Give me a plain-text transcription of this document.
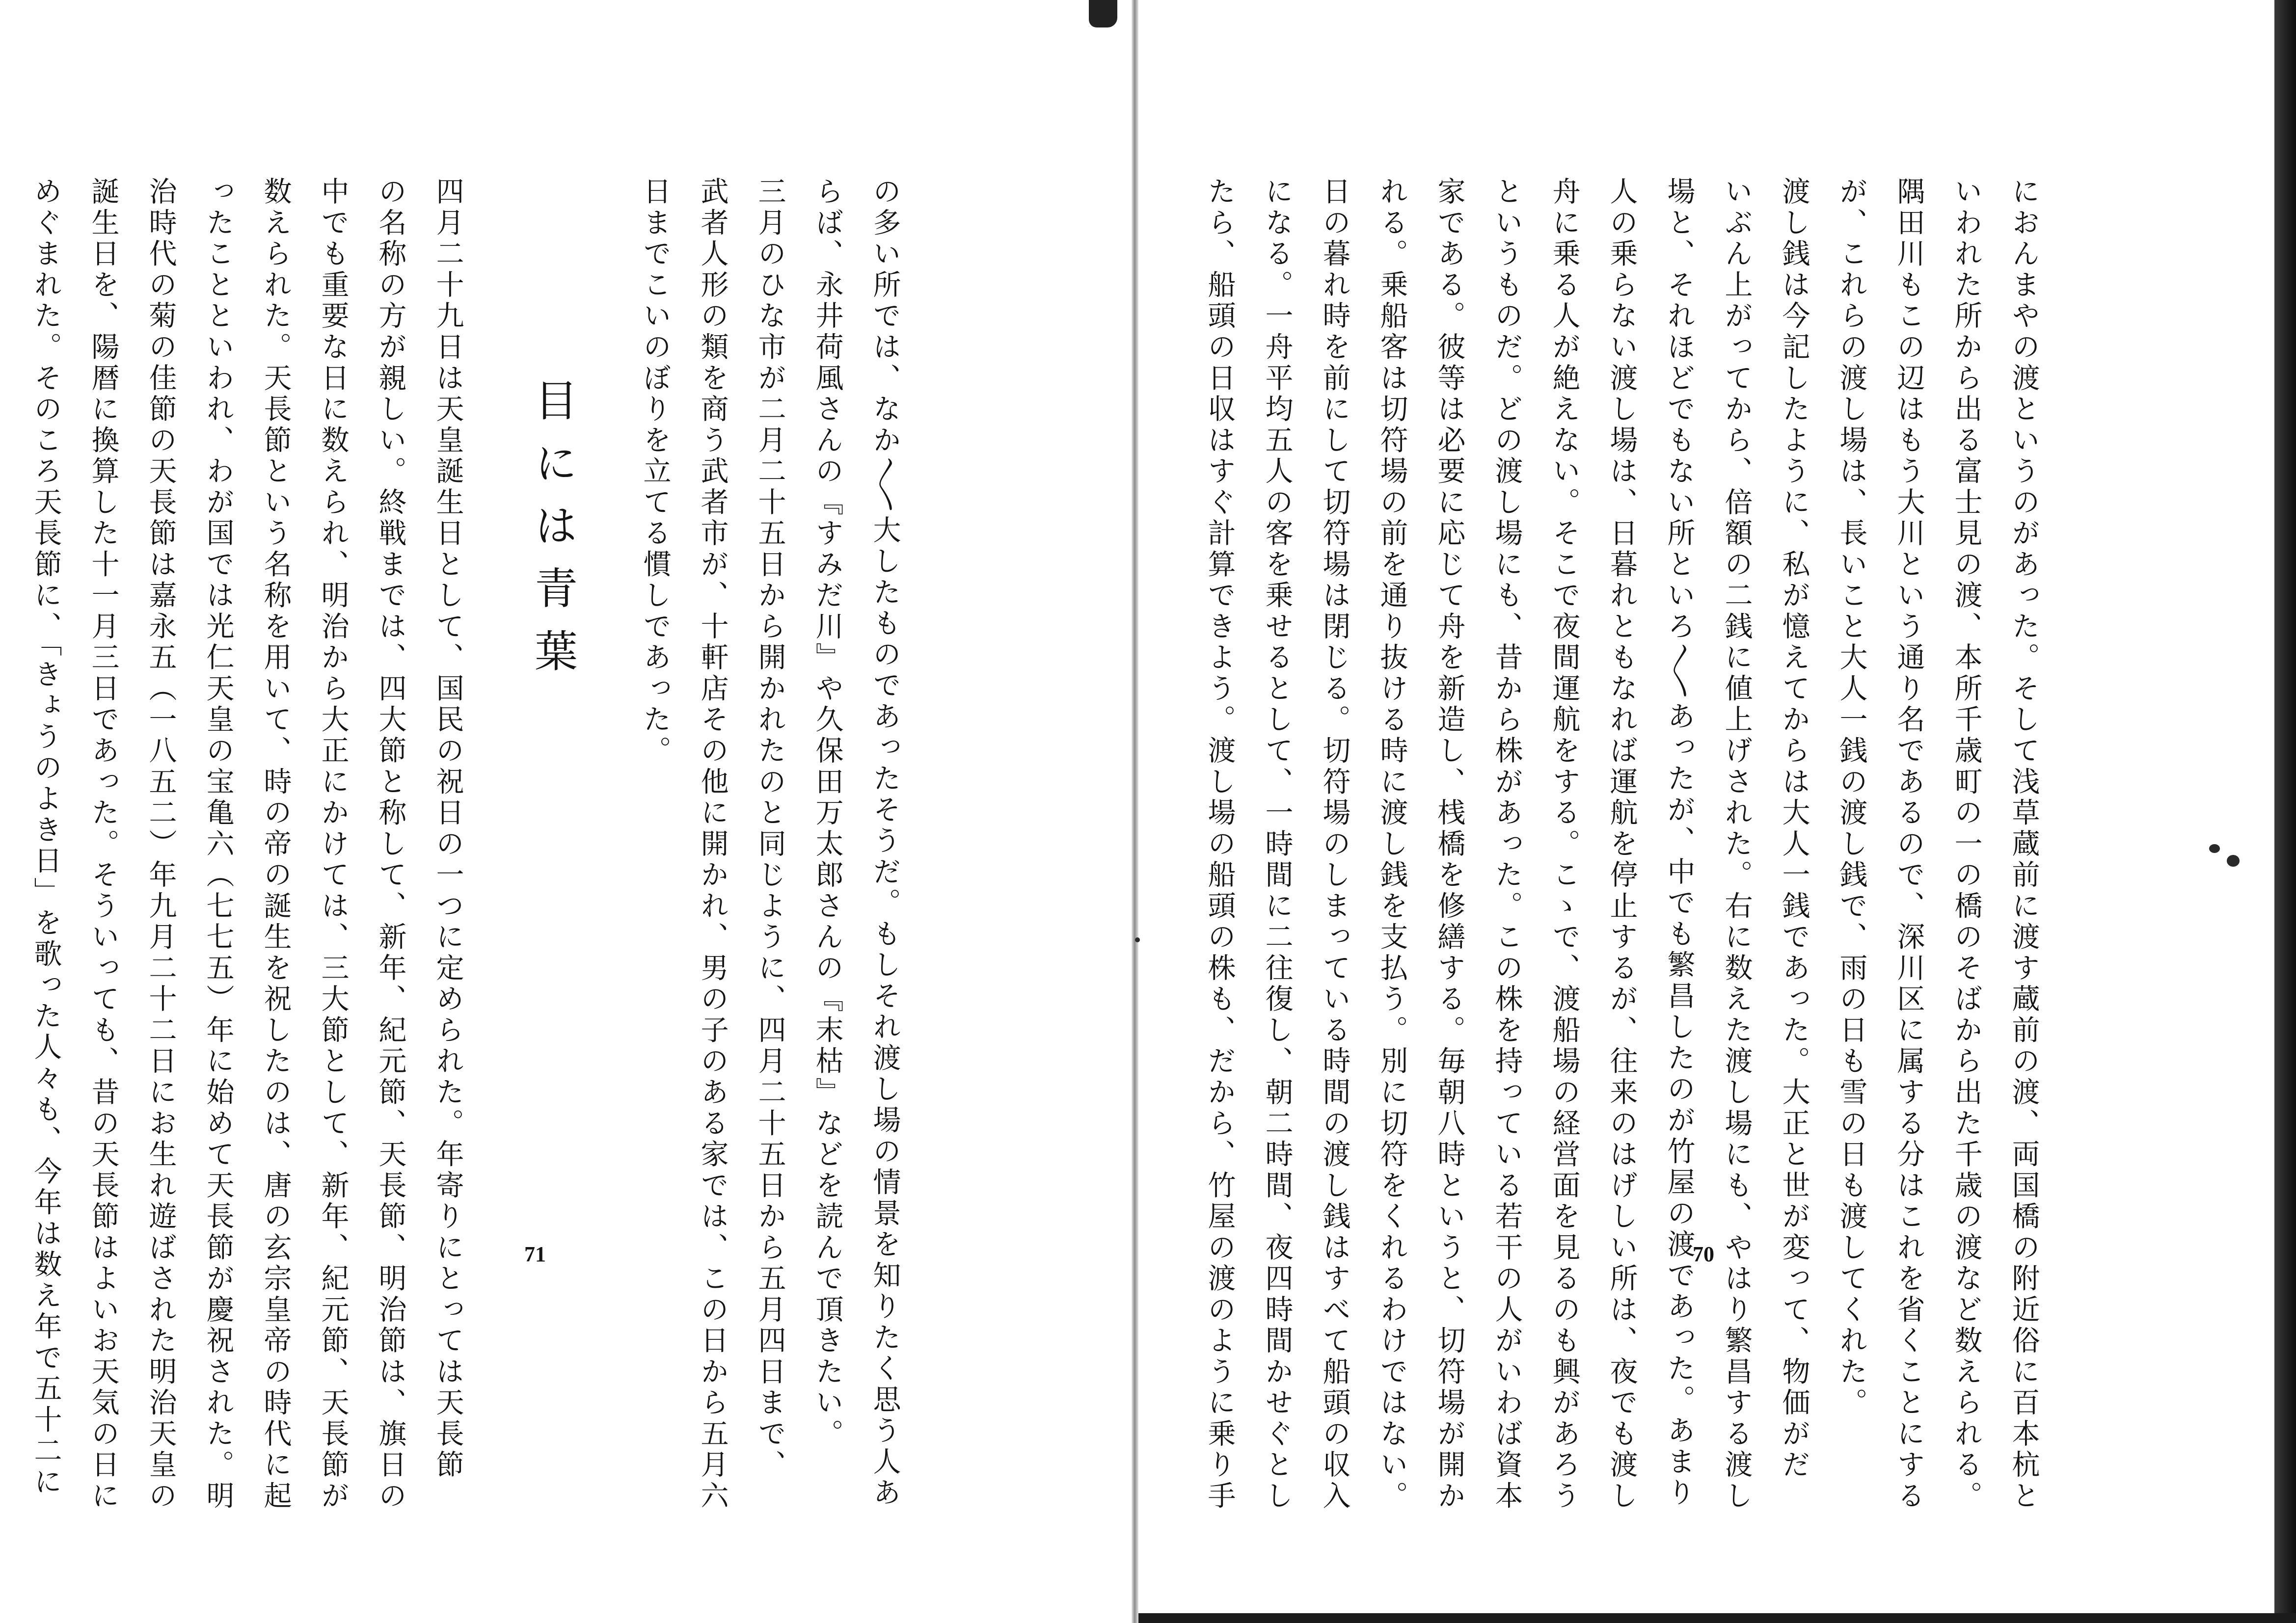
におんまやの渡というのがあった。そして浅草蔵前に渡す蔵前の渡、両国橋の附近俗に百本杭と
いわれた所から出る富士見の渡、本所千歳町の一の橋のそばから出た千歳の渡など数えられる。
隅田川もこの辺はもう大川という通り名であるので、深川区に属する分はこれを省くことにする
が、これらの渡し場は、長いこと大人一銭の渡し銭で、雨の日も雪の日も渡してくれた。
渡し銭は今記したように、私が憶えてからは大人一銭であった。大正と世が変って、物価がだ
いぶん上がってから、倍額の二銭に値上げされた。右に数えた渡し場にも、やはり繁昌する渡し
場と、それほどでもない所といろ〳〵あったが、中でも繁昌したのが竹屋の渡であった。あまり
人の乗らない渡し場は、日暮れともなれば運航を停止するが、往来のはげしい所は、夜でも渡し
舟に乗る人が絶えない。そこで夜間運航をする。こゝで、渡船場の経営面を見るのも興があろう
というものだ。どの渡し場にも、昔から株があった。この株を持っている若干の人がいわば資本
家である。彼等は必要に応じて舟を新造し、桟橋を修繕する。毎朝八時というと、切符場が開か
れる。乗船客は切符場の前を通り抜ける時に渡し銭を支払う。別に切符をくれるわけではない。
日の暮れ時を前にして切符場は閉じる。切符場のしまっている時間の渡し銭はすべて船頭の収入
になる。一舟平均五人の客を乗せるとして、一時間に二往復し、朝二時間、夜四時間かせぐとし
たら、船頭の日収はすぐ計算できよう。渡し場の船頭の株も、だから、竹屋の渡のように乗り手	70
の多い所では、なか〳〵大したものであったそうだ。もしそれ渡し場の情景を知りたく思う人あ
らば、永井荷風さんの『すみだ川』や久保田万太郎さんの『末枯』などを読んで頂きたい。
三月のひな市が二月二十五日から開かれたのと同じように、四月二十五日から五月四日まで、
武者人形の類を商う武者市が、十軒店その他に開かれ、男の子のある家では、この日から五月六
日までこいのぼりを立てる慣しであった。
目には青葉
四月二十九日は天皇誕生日として、国民の祝日の一つに定められた。年寄りにとっては天長節
の名称の方が親しい。終戦までは、四大節と称して、新年、紀元節、天長節、明治節は、旗日の
中でも重要な日に数えられ、明治から大正にかけては、三大節として、新年、紀元節、天長節が
数えられた。天長節という名称を用いて、時の帝の誕生を祝したのは、唐の玄宗皇帝の時代に起
ったことといわれ、わが国では光仁天皇の宝亀六（七七五）年に始めて天長節が慶祝された。明
治時代の菊の佳節の天長節は嘉永五（一八五二）年九月二十二日にお生れ遊ばされた明治天皇の
誕生日を、陽暦に換算した十一月三日であった。そういっても、昔の天長節はよいお天気の日に
めぐまれた。そのころ天長節に、「きょうのよき日」を歌った人々も、今年は数え年で五十二に	71
